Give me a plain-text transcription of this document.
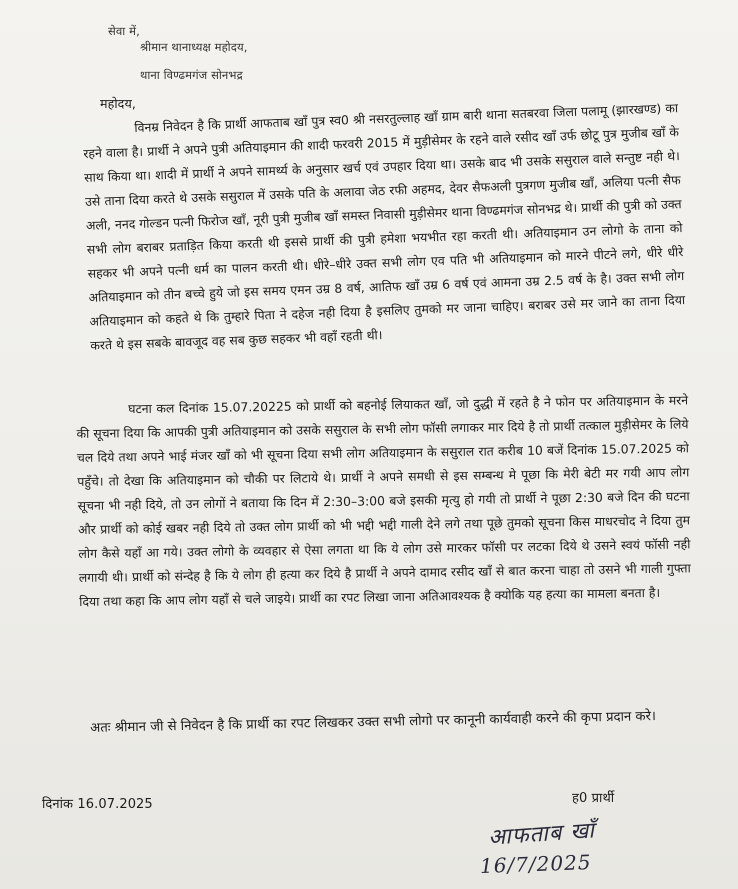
सेवा में,
श्रीमान थानाध्यक्ष महोदय,
थाना विण्ढमगंज सोनभद्र
महोदय,
विनम्र निवेदन है कि प्रार्थी आफताब खाँ पुत्र स्व0 श्री नसरतुल्लाह खाँ ग्राम बारी थाना सतबरवा जिला पलामू (झारखण्ड) का रहने वाला है। प्रार्थी ने अपने पुत्री अतियाइमान की शादी फरवरी 2015 में मुड़ीसेमर के रहने वाले रसीद खाँ उर्फ छोटू पुत्र मुजीब खाँ के साथ किया था। शादी में प्रार्थी ने अपने सामर्थ्य के अनुसार खर्च एवं उपहार दिया था। उसके बाद भी उसके ससुराल वाले सन्तुष्ट नही थे। उसे ताना दिया करते थे उसके ससुराल में उसके पति के अलावा जेठ रफी अहमद, देवर सैफअली पुत्रगण मुजीब खाँ, अलिया पत्नी सैफ अली, ननद गोल्डन पत्नी फिरोज खाँ, नूरी पुत्री मुजीब खाँ समस्त निवासी मुड़ीसेमर थाना विण्ढमगंज सोनभद्र थे। प्रार्थी की पुत्री को उक्त सभी लोग बराबर प्रताड़ित किया करती थी इससे प्रार्थी की पुत्री हमेशा भयभीत रहा करती थी। अतियाइमान उन लोगो के ताना को सहकर भी अपने पत्नी धर्म का पालन करती थी। धीरे–धीरे उक्त सभी लोग एव पति भी अतियाइमान को मारने पीटने लगे, धीरे धीरे अतियाइमान को तीन बच्चे हुये जो इस समय एमन उम्र 8 वर्ष, आतिफ खाँ उम्र 6 वर्ष एवं आमना उम्र 2.5 वर्ष के है। उक्त सभी लोग अतियाइमान को कहते थे कि तुम्हारे पिता ने दहेज नही दिया है इसलिए तुमको मर जाना चाहिए। बराबर उसे मर जाने का ताना दिया करते थे इस सबके बावजूद वह सब कुछ सहकर भी वहाँ रहती थी।
घटना कल दिनांक 15.07.20225 को प्रार्थी को बहनोई लियाकत खाँ, जो दुद्धी में रहते है ने फोन पर अतियाइमान के मरने की सूचना दिया कि आपकी पुत्री अतियाइमान को उसके ससुराल के सभी लोग फॉसी लगाकर मार दिये है तो प्रार्थी तत्काल मुड़ीसेमर के लिये चल दिये तथा अपने भाई मंजर खाँ को भी सूचना दिया सभी लोग अतियाइमान के ससुराल रात करीब 10 बजें दिनांक 15.07.2025 को पहुँचे। तो देखा कि अतियाइमान को चौकी पर लिटाये थे। प्रार्थी ने अपने समधी से इस सम्बन्ध मे पूछा कि मेरी बेटी मर गयी आप लोग सूचना भी नही दिये, तो उन लोगों ने बताया कि दिन में 2:30–3:00 बजे इसकी मृत्यु हो गयी तो प्रार्थी ने पूछा 2:30 बजे दिन की घटना और प्रार्थी को कोई खबर नही दिये तो उक्त लोग प्रार्थी को भी भद्दी भद्दी गाली देने लगे तथा पूछे तुमको सूचना किस माधरचोद ने दिया तुम लोग कैसे यहाँ आ गये। उक्त लोगो के व्यवहार से ऐसा लगता था कि ये लोग उसे मारकर फॉसी पर लटका दिये थे उसने स्वयं फॉसी नही लगायी थी। प्रार्थी को संन्देह है कि ये लोग ही हत्या कर दिये है प्रार्थी ने अपने दामाद रसीद खाँ से बात करना चाहा तो उसने भी गाली गुफ्ता दिया तथा कहा कि आप लोग यहाँ से चले जाइये। प्रार्थी का रपट लिखा जाना अतिआवश्यक है क्योकि यह हत्या का मामला बनता है।
अतः श्रीमान जी से निवेदन है कि प्रार्थी का रपट लिखकर उक्त सभी लोगो पर कानूनी कार्यवाही करने की कृपा प्रदान करे।
दिनांक 16.07.2025	ह0 प्रार्थी
आफताब खाँ
16/7/2025
